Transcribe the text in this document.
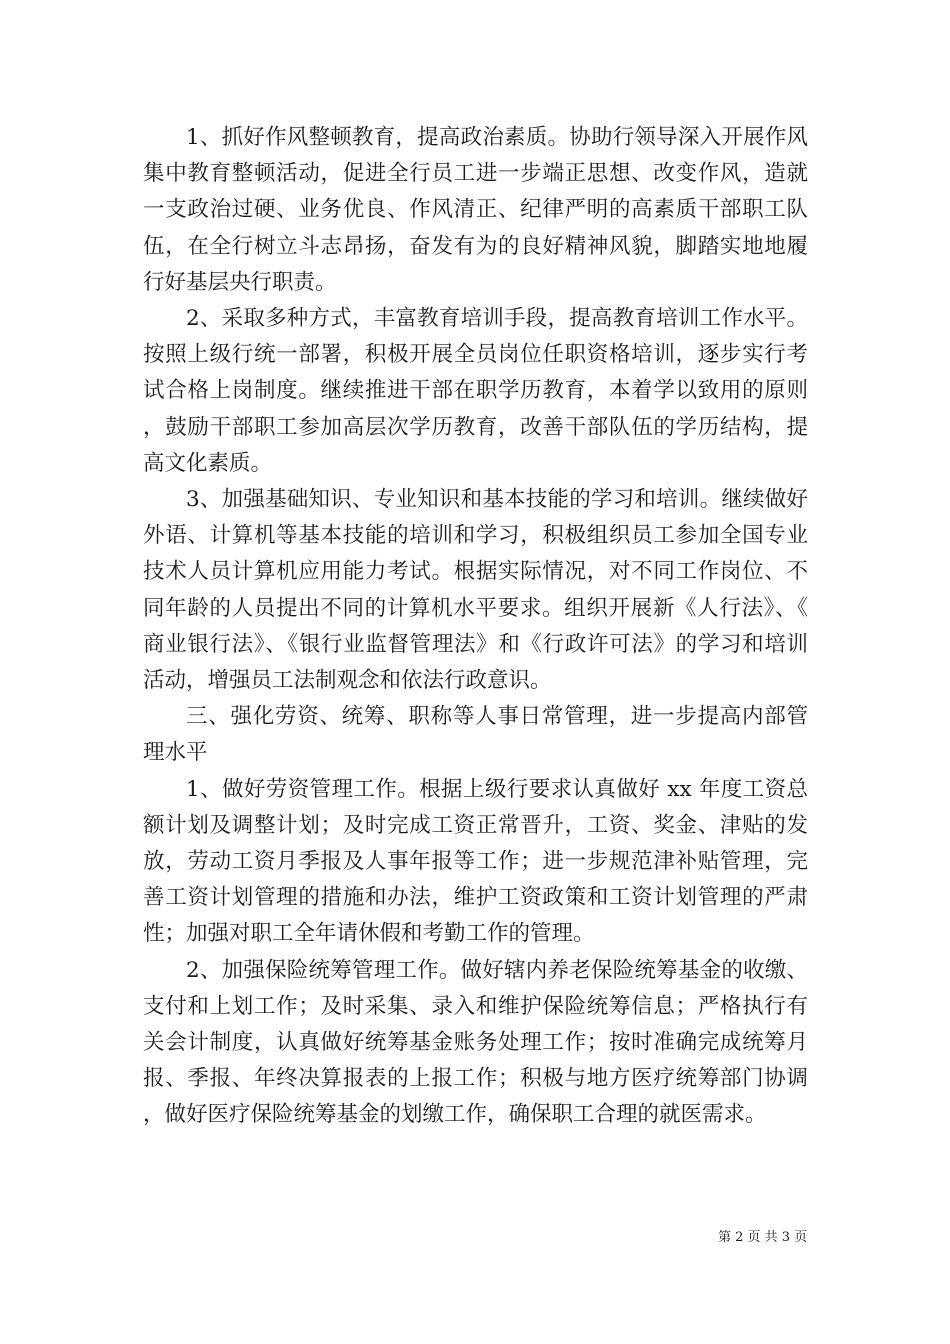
1、抓好作风整顿教育，提高政治素质。协助行领导深入开展作风集中教育整顿活动，促进全行员工进一步端正思想、改变作风，造就一支政治过硬、业务优良、作风清正、纪律严明的高素质干部职工队伍，在全行树立斗志昂扬，奋发有为的良好精神风貌，脚踏实地地履行好基层央行职责。

2、采取多种方式，丰富教育培训手段，提高教育培训工作水平。按照上级行统一部署，积极开展全员岗位任职资格培训，逐步实行考试合格上岗制度。继续推进干部在职学历教育，本着学以致用的原则，鼓励干部职工参加高层次学历教育，改善干部队伍的学历结构，提高文化素质。

3、加强基础知识、专业知识和基本技能的学习和培训。继续做好外语、计算机等基本技能的培训和学习，积极组织员工参加全国专业技术人员计算机应用能力考试。根据实际情况，对不同工作岗位、不同年龄的人员提出不同的计算机水平要求。组织开展新《人行法》、《商业银行法》、《银行业监督管理法》和《行政许可法》的学习和培训活动，增强员工法制观念和依法行政意识。

三、强化劳资、统筹、职称等人事日常管理，进一步提高内部管理水平

1、做好劳资管理工作。根据上级行要求认真做好 xx 年度工资总额计划及调整计划；及时完成工资正常晋升，工资、奖金、津贴的发放，劳动工资月季报及人事年报等工作；进一步规范津补贴管理，完善工资计划管理的措施和办法，维护工资政策和工资计划管理的严肃性；加强对职工全年请休假和考勤工作的管理。

2、加强保险统筹管理工作。做好辖内养老保险统筹基金的收缴、支付和上划工作；及时采集、录入和维护保险统筹信息；严格执行有关会计制度，认真做好统筹基金账务处理工作；按时准确完成统筹月报、季报、年终决算报表的上报工作；积极与地方医疗统筹部门协调，做好医疗保险统筹基金的划缴工作，确保职工合理的就医需求。

第 2 页 共 3 页
